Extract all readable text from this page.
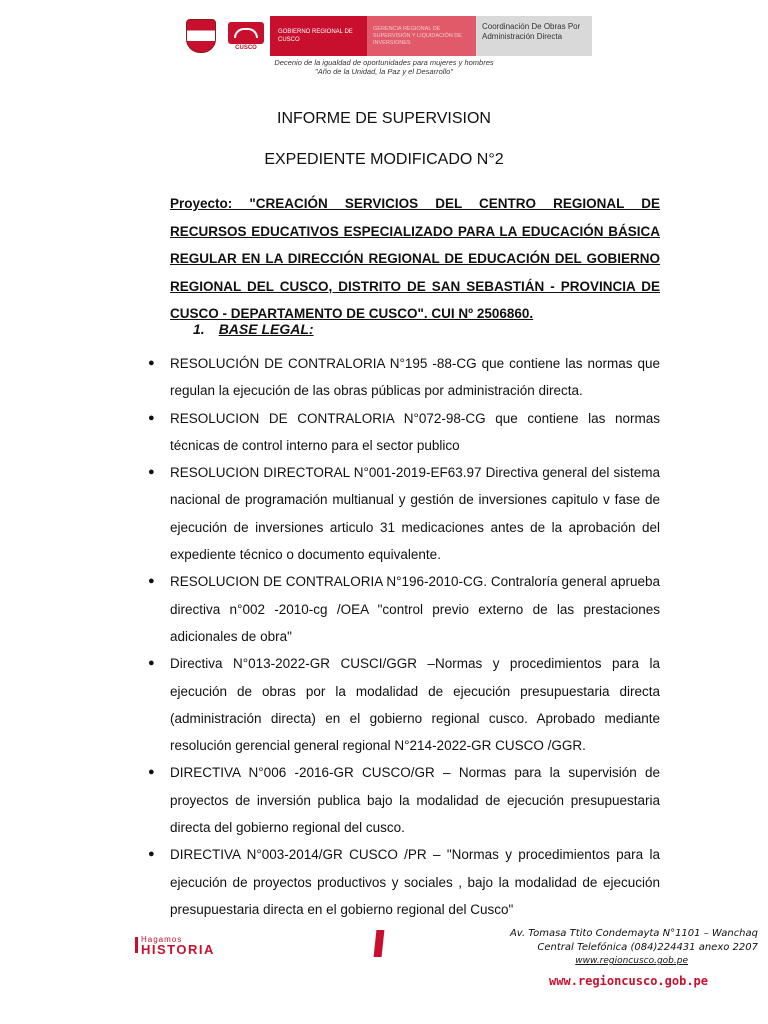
CUSCO
GOBIERNO REGIONAL DE CUSCO
GERENCIA REGIONAL DE SUPERVISIÓN Y LIQUIDACIÓN DE INVERSIONES
Coordinación De Obras Por Administración Directa
Decenio de la igualdad de oportunidades para mujeres y hombres
"Año de la Unidad, la Paz y el Desarrollo"
INFORME DE SUPERVISION
EXPEDIENTE MODIFICADO N°2
Proyecto: "CREACIÓN SERVICIOS DEL CENTRO REGIONAL DE RECURSOS EDUCATIVOS ESPECIALIZADO PARA LA EDUCACIÓN BÁSICA REGULAR EN LA DIRECCIÓN REGIONAL DE EDUCACIÓN DEL GOBIERNO REGIONAL DEL CUSCO, DISTRITO DE SAN SEBASTIÁN - PROVINCIA DE CUSCO - DEPARTAMENTO DE CUSCO". CUI Nº 2506860.
1. BASE LEGAL:
●	RESOLUCIÓN DE CONTRALORIA N°195 -88-CG que contiene las normas que regulan la ejecución de las obras públicas por administración directa.
●	RESOLUCION DE CONTRALORIA N°072-98-CG que contiene las normas técnicas de control interno para el sector publico
●	RESOLUCION DIRECTORAL N°001-2019-EF63.97 Directiva general del sistema nacional de programación multianual y gestión de inversiones capitulo v fase de ejecución de inversiones articulo 31 medicaciones antes de la aprobación del expediente técnico o documento equivalente.
●	RESOLUCION DE CONTRALORIA N°196-2010-CG. Contraloría general aprueba directiva n°002 -2010-cg /OEA "control previo externo de las prestaciones adicionales de obra"
●	Directiva N°013-2022-GR CUSCI/GGR –Normas y procedimientos para la ejecución de obras por la modalidad de ejecución presupuestaria directa (administración directa) en el gobierno regional cusco. Aprobado mediante resolución gerencial general regional N°214-2022-GR CUSCO /GGR.
●	DIRECTIVA N°006 -2016-GR CUSCO/GR – Normas para la supervisión de proyectos de inversión publica bajo la modalidad de ejecución presupuestaria directa del gobierno regional del cusco.
●	DIRECTIVA N°003-2014/GR CUSCO /PR – "Normas y procedimientos para la ejecución de proyectos productivos y sociales , bajo la modalidad de ejecución presupuestaria directa en el gobierno regional del Cusco"
Hagamos
HISTORIA
Av. Tomasa Ttito Condemayta N°1101 – Wanchaq
Central Telefónica (084)224431 anexo 2207
www.regioncusco.gob.pe
www.regioncusco.gob.pe
